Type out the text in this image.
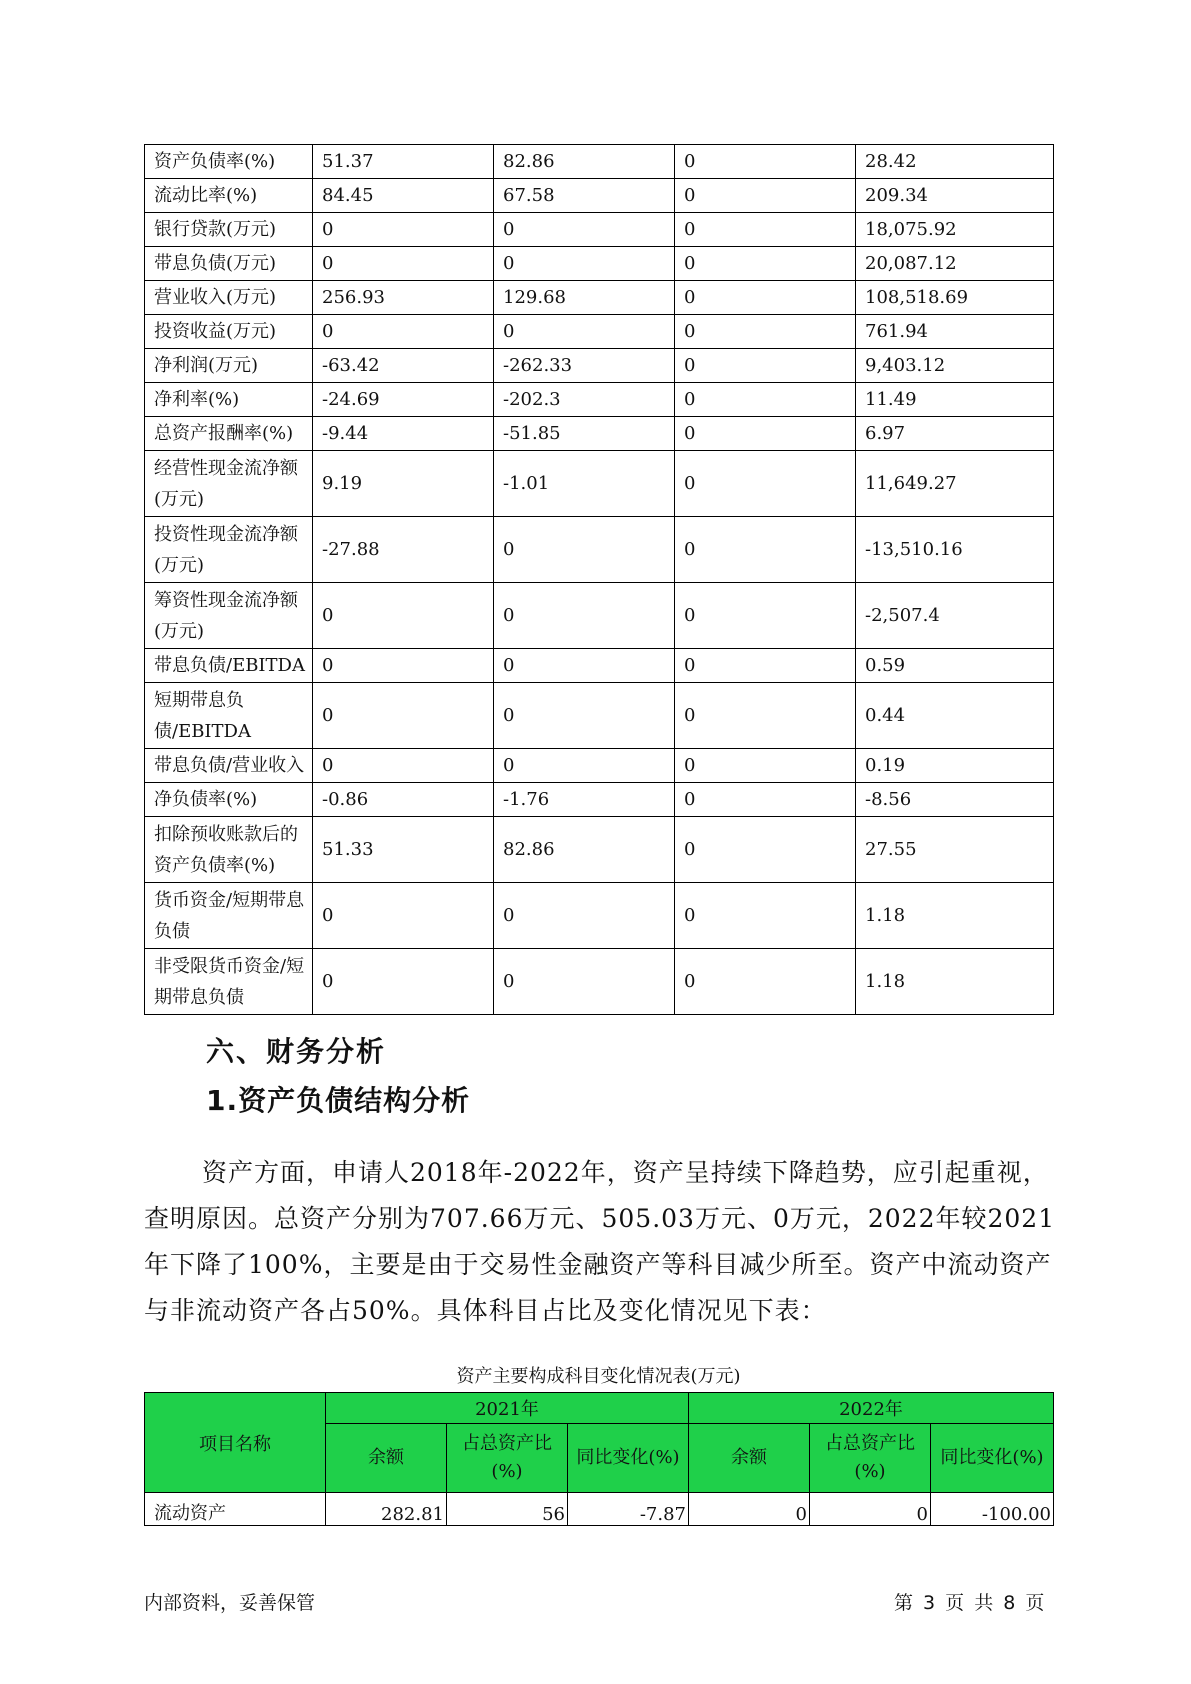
资产负债率(%)	51.37	82.86	0	28.42
流动比率(%)	84.45	67.58	0	209.34
银行贷款(万元)	0	0	0	18,075.92
带息负债(万元)	0	0	0	20,087.12
营业收入(万元)	256.93	129.68	0	108,518.69
投资收益(万元)	0	0	0	761.94
净利润(万元)	-63.42	-262.33	0	9,403.12
净利率(%)	-24.69	-202.3	0	11.49
总资产报酬率(%)	-9.44	-51.85	0	6.97
经营性现金流净额(万元)	9.19	-1.01	0	11,649.27
投资性现金流净额(万元)	-27.88	0	0	-13,510.16
筹资性现金流净额(万元)	0	0	0	-2,507.4
带息负债/EBITDA	0	0	0	0.59
短期带息负债/EBITDA	0	0	0	0.44
带息负债/营业收入	0	0	0	0.19
净负债率(%)	-0.86	-1.76	0	-8.56
扣除预收账款后的资产负债率(%)	51.33	82.86	0	27.55
货币资金/短期带息负债	0	0	0	1.18
非受限货币资金/短期带息负债	0	0	0	1.18
六、财务分析
1.资产负债结构分析

资产方面，申请人2018年-2022年，资产呈持续下降趋势，应引起重视，查明原因。总资产分别为707.66万元、505.03万元、0万元，2022年较2021年下降了100%，主要是由于交易性金融资产等科目减少所至。资产中流动资产与非流动资产各占50%。具体科目占比及变化情况见下表：

资产主要构成科目变化情况表(万元)
项目名称	2021年			2022年		
	余额	占总资产比(%)	同比变化(%)	余额	占总资产比(%)	同比变化(%)
流动资产	282.81	56	-7.87	0	0	-100.00
内部资料，妥善保管	第 3 页 共 8 页
